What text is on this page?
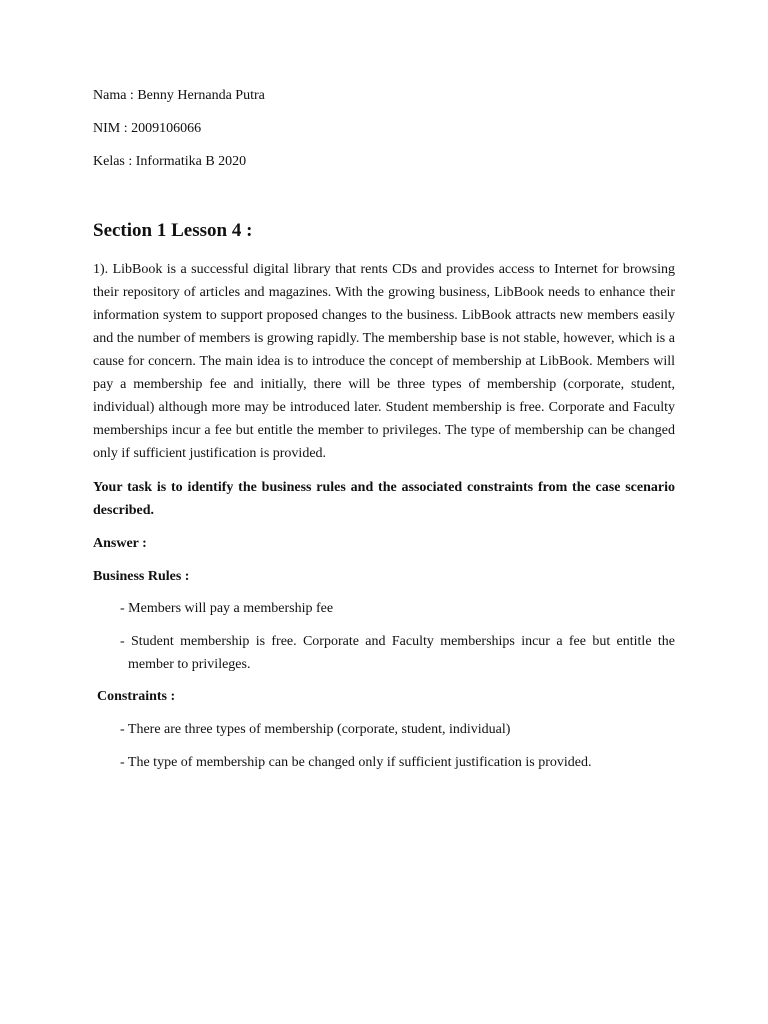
Nama : Benny Hernanda Putra
NIM : 2009106066
Kelas : Informatika B 2020
Section 1 Lesson 4 :
1). LibBook is a successful digital library that rents CDs and provides access to Internet for browsing their repository of articles and magazines. With the growing business, LibBook needs to enhance their information system to support proposed changes to the business. LibBook attracts new members easily and the number of members is growing rapidly. The membership base is not stable, however, which is a cause for concern. The main idea is to introduce the concept of membership at LibBook. Members will pay a membership fee and initially, there will be three types of membership (corporate, student, individual) although more may be introduced later. Student membership is free. Corporate and Faculty memberships incur a fee but entitle the member to privileges. The type of membership can be changed only if sufficient justification is provided.
Your task is to identify the business rules and the associated constraints from the case scenario described.
Answer :
Business Rules :
- Members will pay a membership fee
- Student membership is free. Corporate and Faculty memberships incur a fee but entitle the member to privileges.
Constraints :
- There are three types of membership (corporate, student, individual)
- The type of membership can be changed only if sufficient justification is provided.
